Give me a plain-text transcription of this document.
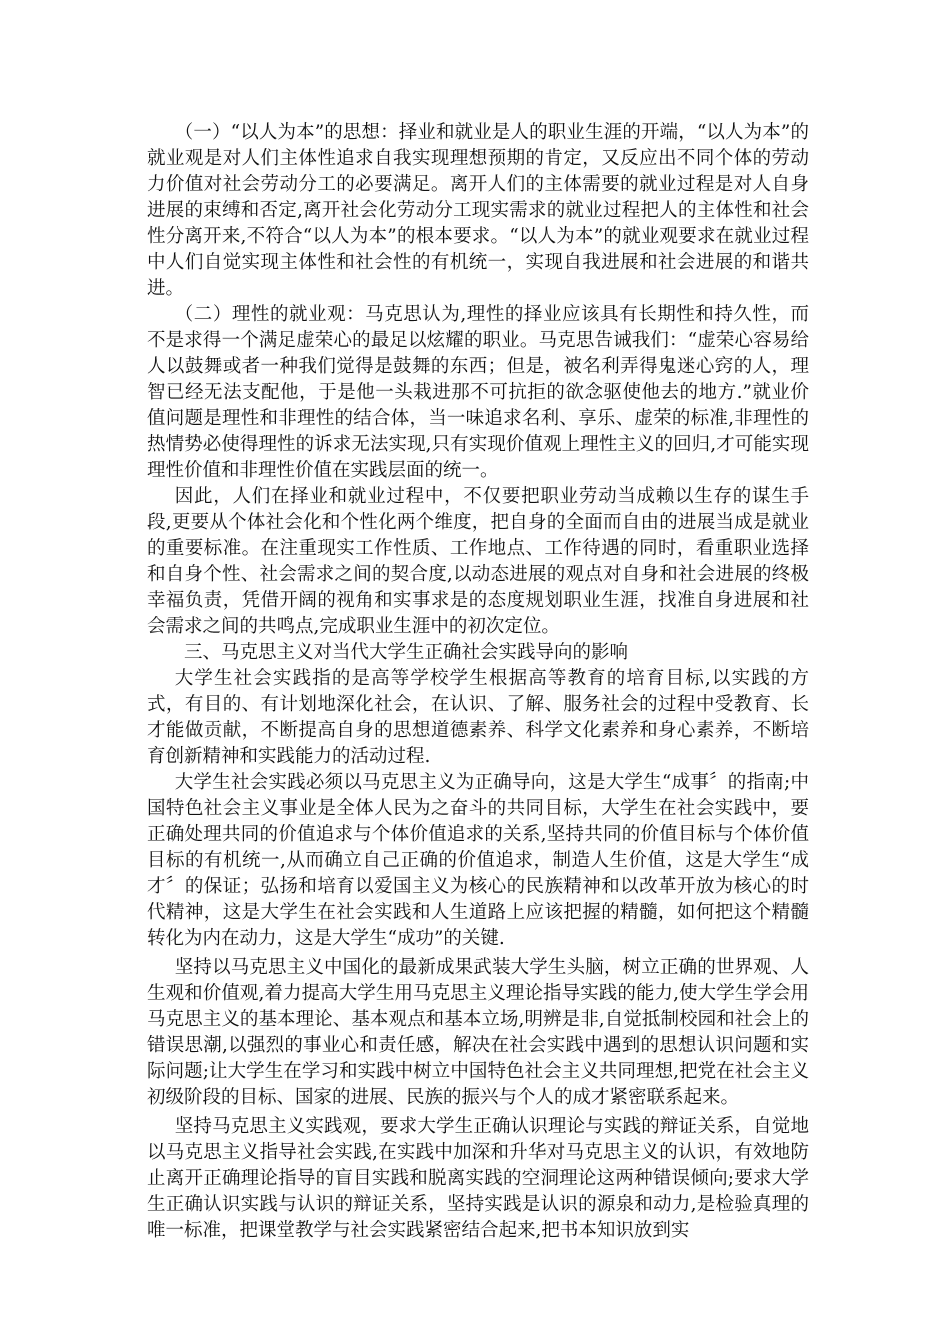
（一）“以人为本”的思想：择业和就业是人的职业生涯的开端，“以人为本”的就业观是对人们主体性追求自我实现理想预期的肯定，又反应出不同个体的劳动力价值对社会劳动分工的必要满足。离开人们的主体需要的就业过程是对人自身进展的束缚和否定,离开社会化劳动分工现实需求的就业过程把人的主体性和社会性分离开来,不符合“以人为本”的根本要求。“以人为本”的就业观要求在就业过程中人们自觉实现主体性和社会性的有机统一，实现自我进展和社会进展的和谐共进。

（二）理性的就业观：马克思认为,理性的择业应该具有长期性和持久性，而不是求得一个满足虚荣心的最足以炫耀的职业。马克思告诫我们：“虚荣心容易给人以鼓舞或者一种我们觉得是鼓舞的东西；但是，被名利弄得鬼迷心窍的人，理智已经无法支配他，于是他一头栽进那不可抗拒的欲念驱使他去的地方.”就业价值问题是理性和非理性的结合体，当一味追求名利、享乐、虚荣的标准,非理性的热情势必使得理性的诉求无法实现,只有实现价值观上理性主义的回归,才可能实现理性价值和非理性价值在实践层面的统一。

因此，人们在择业和就业过程中，不仅要把职业劳动当成赖以生存的谋生手段,更要从个体社会化和个性化两个维度，把自身的全面而自由的进展当成是就业的重要标准。在注重现实工作性质、工作地点、工作待遇的同时，看重职业选择和自身个性、社会需求之间的契合度,以动态进展的观点对自身和社会进展的终极幸福负责，凭借开阔的视角和实事求是的态度规划职业生涯，找准自身进展和社会需求之间的共鸣点,完成职业生涯中的初次定位。

三、马克思主义对当代大学生正确社会实践导向的影响

大学生社会实践指的是高等学校学生根据高等教育的培育目标,以实践的方式，有目的、有计划地深化社会，在认识、了解、服务社会的过程中受教育、长才能做贡献，不断提高自身的思想道德素养、科学文化素养和身心素养，不断培育创新精神和实践能力的活动过程.

大学生社会实践必须以马克思主义为正确导向，这是大学生“成事〞的指南;中国特色社会主义事业是全体人民为之奋斗的共同目标，大学生在社会实践中，要正确处理共同的价值追求与个体价值追求的关系,坚持共同的价值目标与个体价值目标的有机统一,从而确立自己正确的价值追求，制造人生价值，这是大学生“成才〞的保证；弘扬和培育以爱国主义为核心的民族精神和以改革开放为核心的时代精神，这是大学生在社会实践和人生道路上应该把握的精髓，如何把这个精髓转化为内在动力，这是大学生“成功”的关键.

坚持以马克思主义中国化的最新成果武装大学生头脑，树立正确的世界观、人生观和价值观,着力提高大学生用马克思主义理论指导实践的能力,使大学生学会用马克思主义的基本理论、基本观点和基本立场,明辨是非,自觉抵制校园和社会上的错误思潮,以强烈的事业心和责任感，解决在社会实践中遇到的思想认识问题和实际问题;让大学生在学习和实践中树立中国特色社会主义共同理想,把党在社会主义初级阶段的目标、国家的进展、民族的振兴与个人的成才紧密联系起来。

坚持马克思主义实践观，要求大学生正确认识理论与实践的辩证关系，自觉地以马克思主义指导社会实践,在实践中加深和升华对马克思主义的认识，有效地防止离开正确理论指导的盲目实践和脱离实践的空洞理论这两种错误倾向;要求大学生正确认识实践与认识的辩证关系，坚持实践是认识的源泉和动力,是检验真理的唯一标准，把课堂教学与社会实践紧密结合起来,把书本知识放到实
